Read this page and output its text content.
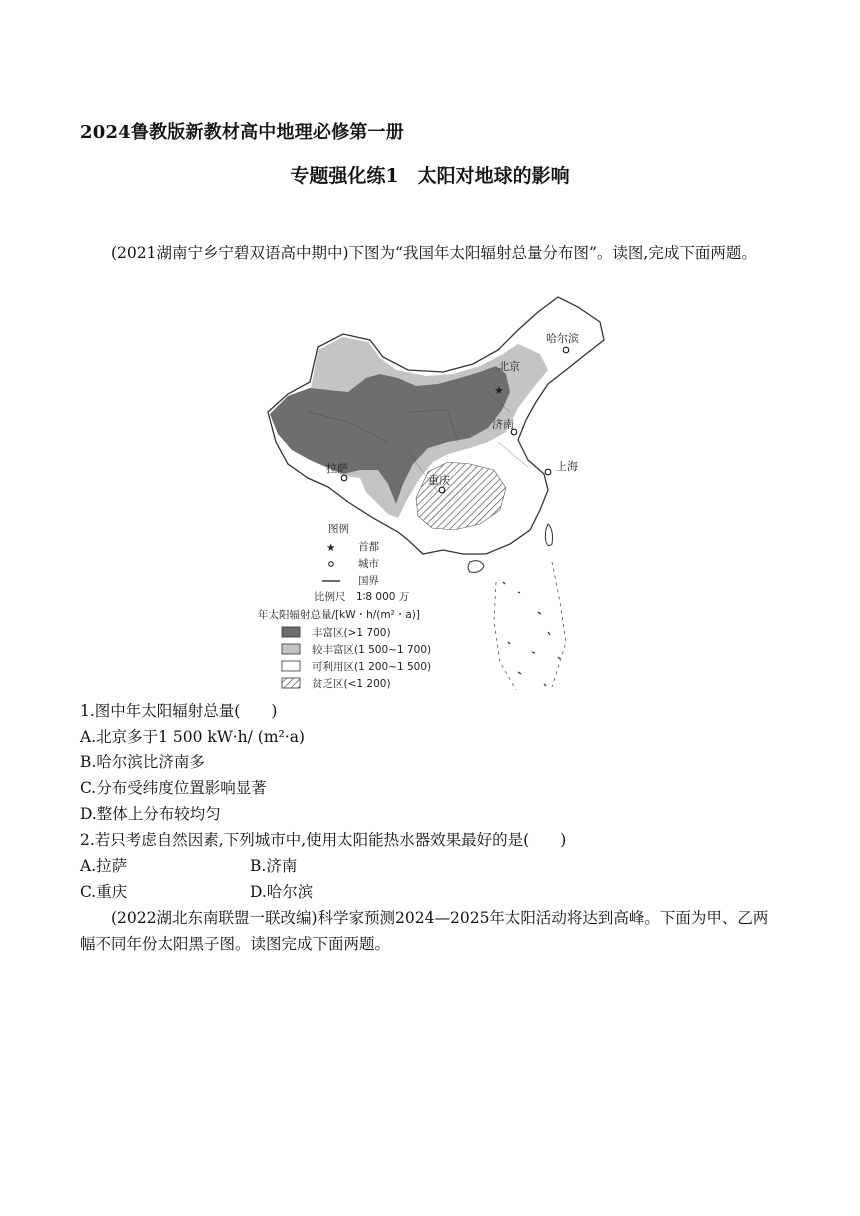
2024鲁教版新教材高中地理必修第一册
专题强化练1　太阳对地球的影响
(2021湖南宁乡宁碧双语高中期中)下图为“我国年太阳辐射总量分布图”。读图,完成下面两题。
哈尔滨
★
北京
济南
上海
拉萨
重庆
图例
★ 首都
城市
国界
比例尺　1∶8 000 万
年太阳辐射总量/[kW・h/(m²・a)]
丰富区(>1 700)
较丰富区(1 500~1 700)
可利用区(1 200~1 500)
贫乏区(<1 200)
1.图中年太阳辐射总量(　　)
A.北京多于1 500 kW·h/ (m²·a)
B.哈尔滨比济南多
C.分布受纬度位置影响显著
D.整体上分布较均匀
2.若只考虑自然因素,下列城市中,使用太阳能热水器效果最好的是(　　)
A.拉萨	B.济南
C.重庆	D.哈尔滨
(2022湖北东南联盟一联改编)科学家预测2024—2025年太阳活动将达到高峰。下面为甲、乙两幅不同年份太阳黑子图。读图完成下面两题。
